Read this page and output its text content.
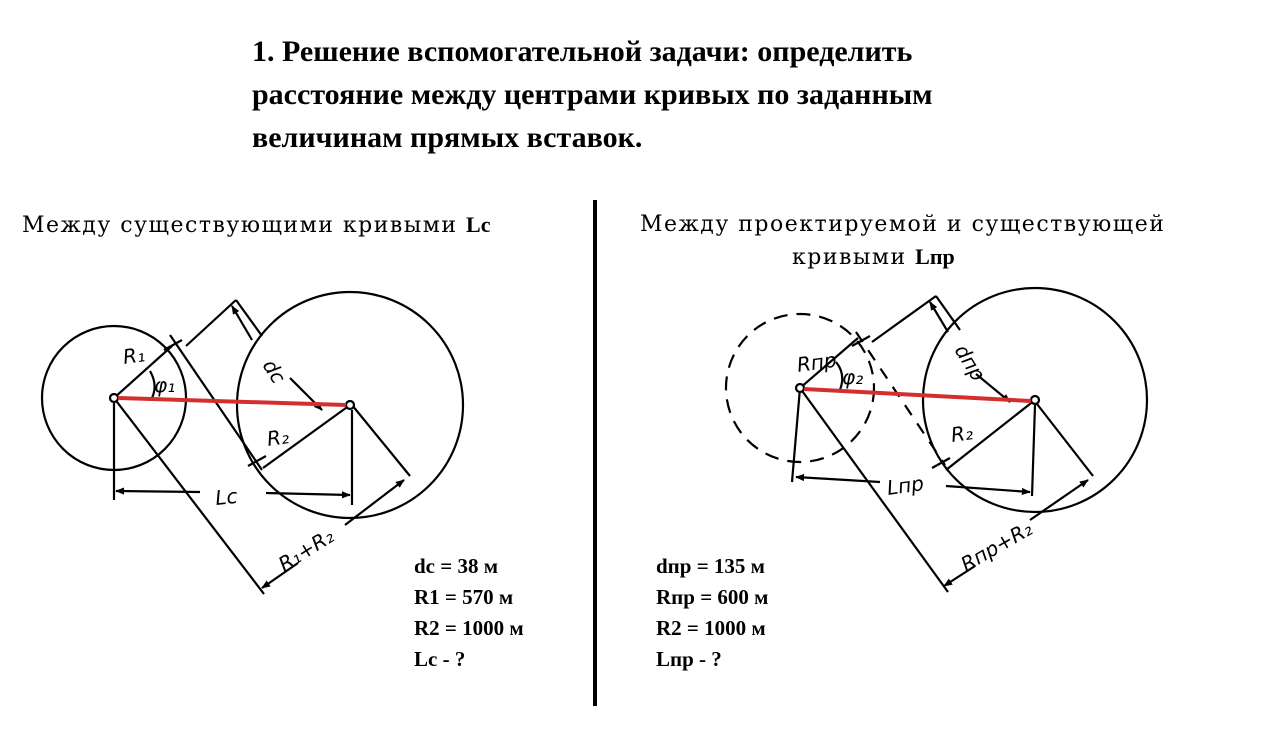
1. Решение вспомогательной задачи: определить
расстояние между центрами кривых по заданным
величинам прямых вставок.
Между существующими кривыми Lc	Между проектируемой и существующей
кривыми Lпр
R₁
φ₁	dc
R₂
Lc
R₁+R₂
Rпр
φ₂	dпр
R₂
Lпр
Rпр+R₂
dc = 38 м
R1 = 570 м
R2 = 1000 м
Lc - ?
dпр = 135 м
Rпр = 600 м
R2 = 1000 м
Lпр - ?
